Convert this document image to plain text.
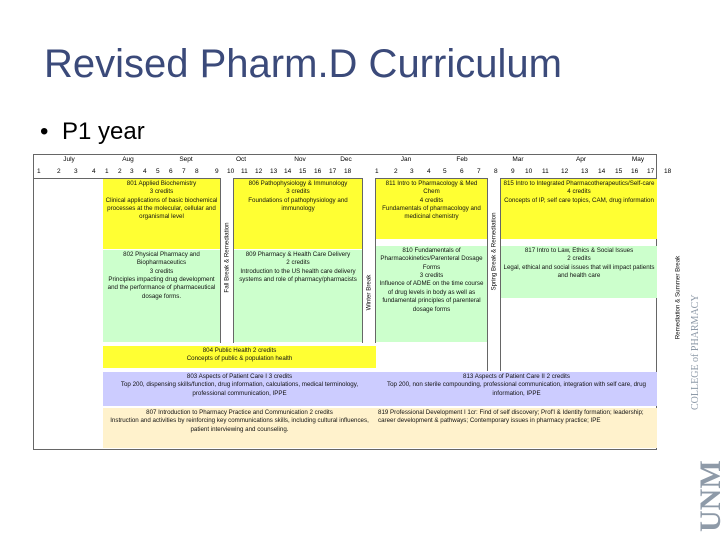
Revised Pharm.D Curriculum
• P1 year
July	Aug	Sept	Oct	Nov	Dec	Jan	Feb	Mar	Apr	May
1	2 3 4 1 2 3 4 5 6 7 8	9 10 11 12 13 14 15 16 17 18	1 2 3 4 5 6 7 8 9 10 11 12 13 14 15 16 17 18
Fall Break & Remediation	Winter Break
Spring Break & Remediation
Remediation & Summer Break
801 Applied Biochemistry
3 credits
Clinical applications of basic biochemical processes at the molecular, cellular and organismal level
806 Pathophysiology & Immunology
3 credits
Foundations of pathophysiology and immunology
802 Physical Pharmacy and Biopharmaceutics
3 credits
Principles impacting drug development and the performance of pharmaceutical dosage forms.
809 Pharmacy & Health Care Delivery
2 credits
Introduction to the US health care delivery systems and role of pharmacy/pharmacists
811 Intro to Pharmacology & Med Chem
4 credits
Fundamentals of pharmacology and medicinal chemistry
815 Intro to Integrated Pharmacotherapeutics/Self-care
4 credits
Concepts of IP, self care topics, CAM, drug information
810 Fundamentals of Pharmacokinetics/Parenteral Dosage Forms
3 credits
Influence of ADME on the time course of drug levels in body as well as fundamental principles of parenteral dosage forms
817 Intro to Law, Ethics & Social Issues
2 credits
Legal, ethical and social issues that will impact patients and health care
804 Public Health 2 credits
Concepts of public & population health
803 Aspects of Patient Care I 3 credits
Top 200, dispensing skills/function, drug information, calculations, medical terminology, professional communication, IPPE
813 Aspects of Patient Care II 2 credits
Top 200, non sterile compounding, professional communication, integration with self care, drug information, IPPE
807 Introduction to Pharmacy Practice and Communication 2 credits
Instruction and activities by reinforcing key communications skills, including cultural influences, patient interviewing and counseling.
819 Professional Development I 1cr: Find of self discovery; Prof'l & Identity formation; leadership; career development & pathways; Contemporary issues in pharmacy practice; IPE
COLLEGE of PHARMACY
UNM
